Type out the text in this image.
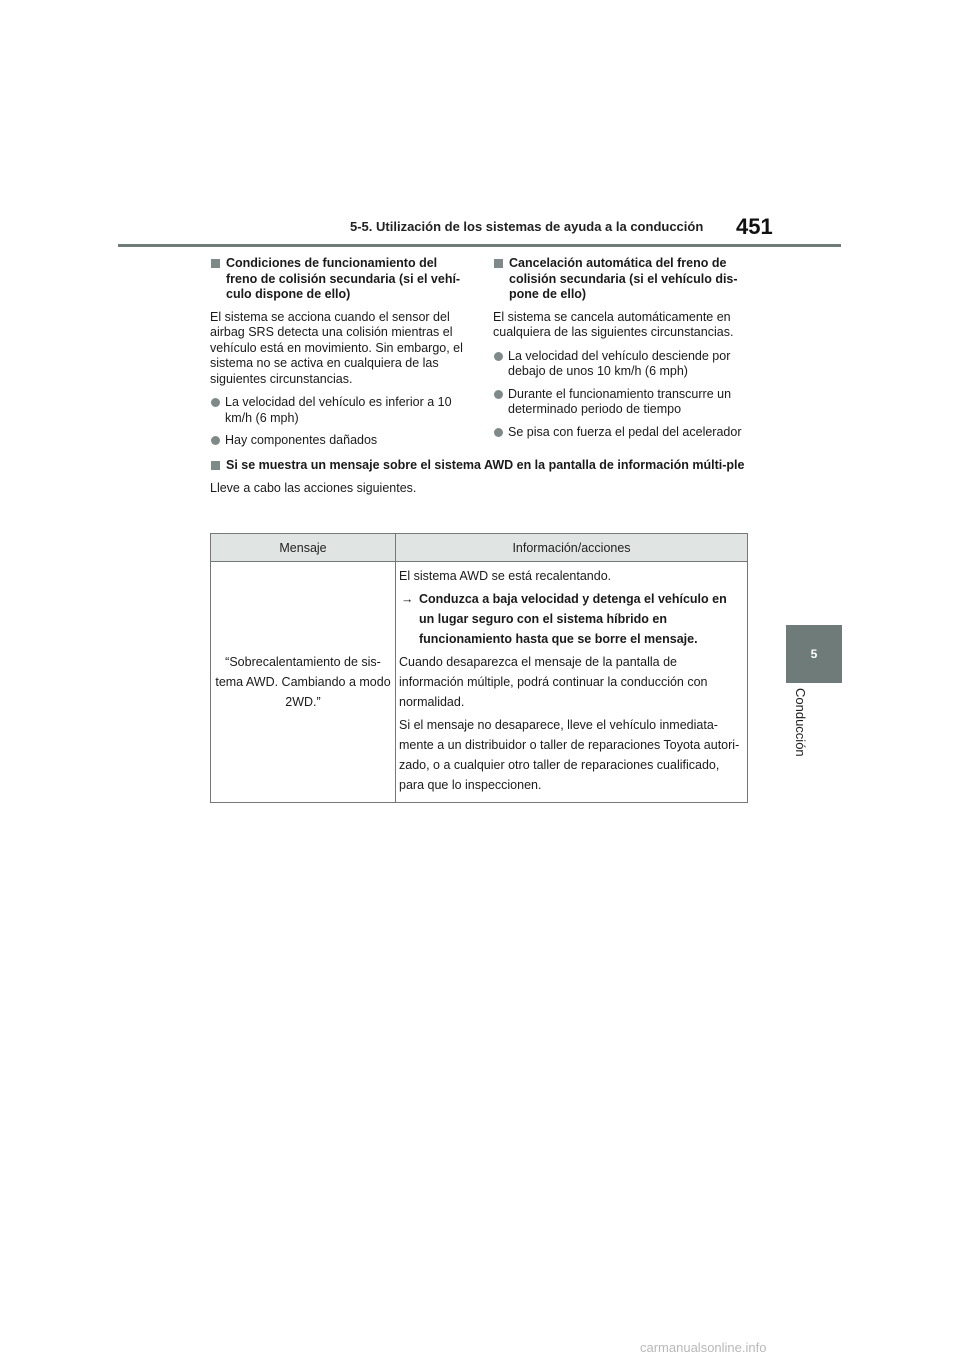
5-5. Utilización de los sistemas de ayuda a la conducción 451
5
Conducción
Condiciones de funcionamiento del freno de colisión secundaria (si el vehí-culo dispone de ello)

El sistema se acciona cuando el sensor del airbag SRS detecta una colisión mientras el vehículo está en movimiento. Sin embargo, el sistema no se activa en cualquiera de las siguientes circunstancias.

La velocidad del vehículo es inferior a 10 km/h (6 mph)
Hay componentes dañados
Cancelación automática del freno de colisión secundaria (si el vehículo dis-pone de ello)

El sistema se cancela automáticamente en cualquiera de las siguientes circunstancias.

La velocidad del vehículo desciende por debajo de unos 10 km/h (6 mph)
Durante el funcionamiento transcurre un determinado periodo de tiempo
Se pisa con fuerza el pedal del acelerador
Si se muestra un mensaje sobre el sistema AWD en la pantalla de información múlti-ple

Lleve a cabo las acciones siguientes.

Mensaje	Información/acciones
“Sobrecalentamiento de sis-tema AWD. Cambiando a modo 2WD.”	El sistema AWD se está recalentando.

→ Conduzca a baja velocidad y detenga el vehículo en un lugar seguro con el sistema híbrido en funcionamiento hasta que se borre el mensaje.

Cuando desaparezca el mensaje de la pantalla de información múltiple, podrá continuar la conducción con normalidad.

Si el mensaje no desaparece, lleve el vehículo inmediata-mente a un distribuidor o taller de reparaciones Toyota autori-zado, o a cualquier otro taller de reparaciones cualificado, para que lo inspeccionen.

carmanualsonline.info
